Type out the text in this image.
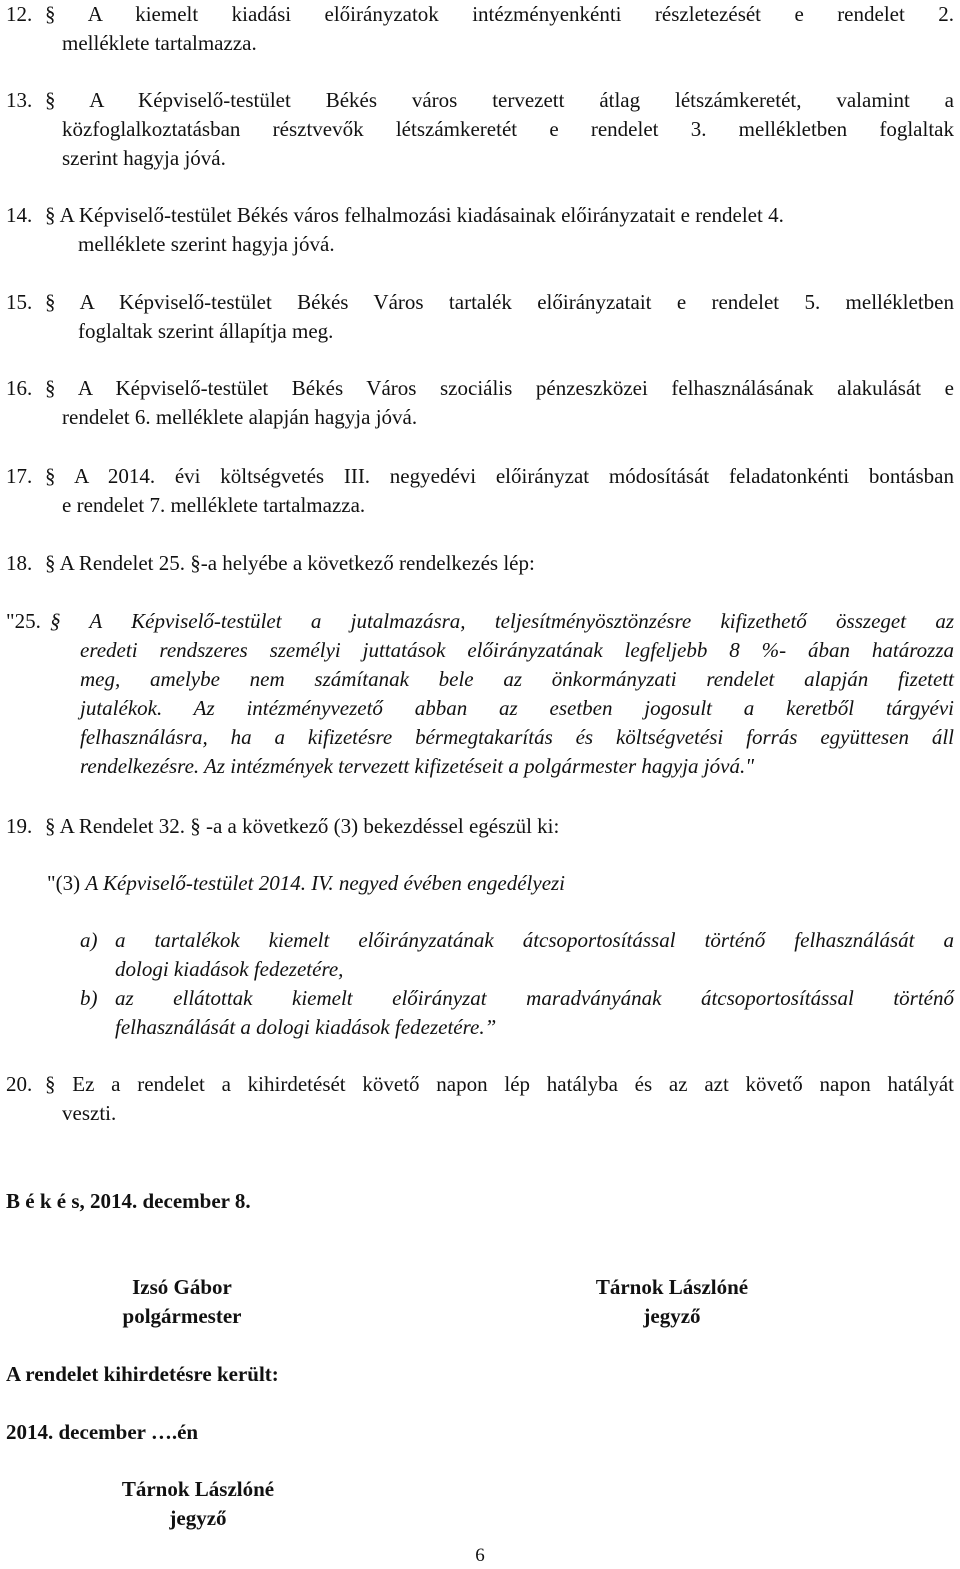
12. § A kiemelt kiadási előirányzatok intézményenkénti részletezését e rendelet 2.
melléklete tartalmazza.
13. § A Képviselő-testület Békés város tervezett átlag létszámkeretét, valamint a
közfoglalkoztatásban résztvevők létszámkeretét e rendelet 3. mellékletben foglaltak
szerint hagyja jóvá.
14. § A Képviselő-testület Békés város felhalmozási kiadásainak előirányzatait e rendelet 4.
melléklete szerint hagyja jóvá.
15. § A Képviselő-testület Békés Város tartalék előirányzatait e rendelet 5. mellékletben
foglaltak szerint állapítja meg.
16. § A Képviselő-testület Békés Város szociális pénzeszközei felhasználásának alakulását e
rendelet 6. melléklete alapján hagyja jóvá.
17. § A 2014. évi költségvetés III. negyedévi előirányzat módosítását feladatonkénti bontásban
e rendelet 7. melléklete tartalmazza.
18. § A Rendelet 25. §-a helyébe a következő rendelkezés lép:
"25. § A Képviselő-testület a jutalmazásra, teljesítményösztönzésre kifizethető összeget az
eredeti rendszeres személyi juttatások előirányzatának legfeljebb 8 %- ában határozza
meg, amelybe nem számítanak bele az önkormányzati rendelet alapján fizetett
jutalékok. Az intézményvezető abban az esetben jogosult a keretből tárgyévi
felhasználásra, ha a kifizetésre bérmegtakarítás és költségvetési forrás együttesen áll
rendelkezésre. Az intézmények tervezett kifizetéseit a polgármester hagyja jóvá."
19. § A Rendelet 32. § -a a következő (3) bekezdéssel egészül ki:
"(3) A Képviselő-testület 2014. IV. negyed évében engedélyezi
a) a tartalékok kiemelt előirányzatának átcsoportosítással történő felhasználását a
dologi kiadások fedezetére,
b) az ellátottak kiemelt előirányzat maradványának átcsoportosítással történő
felhasználását a dologi kiadások fedezetére.”
20. § Ez a rendelet a kihirdetését követő napon lép hatályba és az azt követő napon hatályát
veszti.
B é k é s, 2014. december 8.
Izsó Gábor
polgármester
Tárnok Lászlóné
jegyző
A rendelet kihirdetésre került:
2014. december ….én
Tárnok Lászlóné
jegyző
6
